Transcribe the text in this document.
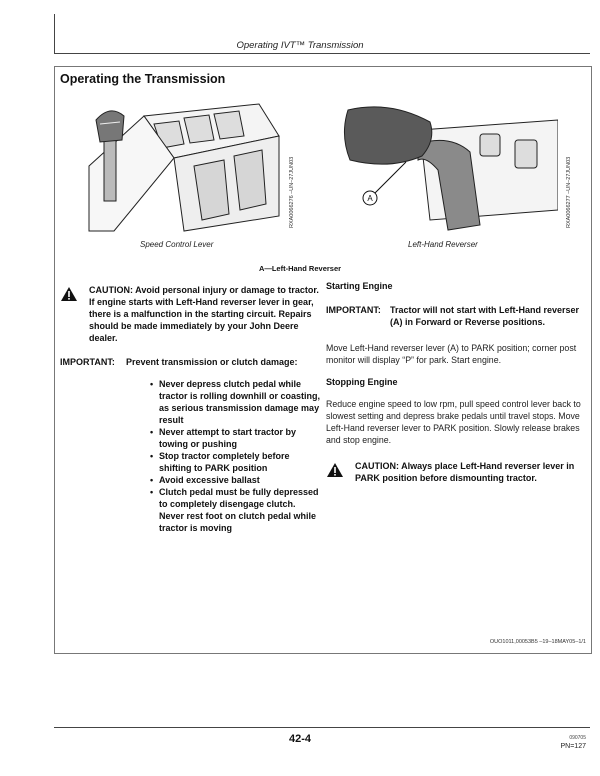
Operating IVT™ Transmission
Operating the Transmission
Speed Control Lever
RXA0066276 –UN–27JUN03	A
Left-Hand Reverser
RXA0066277 –UN–27JUN03
A—Left-Hand Reverser
CAUTION: Avoid personal injury or damage to tractor. If engine starts with Left-Hand reverser lever in gear, there is a malfunction in the starting circuit. Repairs should be made immediately by your John Deere dealer.
IMPORTANT:	Prevent transmission or clutch damage:
• Never depress clutch pedal while tractor is rolling downhill or coasting, as serious transmission damage may result
• Never attempt to start tractor by towing or pushing
• Stop tractor completely before shifting to PARK position
• Avoid excessive ballast
• Clutch pedal must be fully depressed to completely disengage clutch. Never rest foot on clutch pedal while tractor is moving
Starting Engine
IMPORTANT:	Tractor will not start with Left-Hand reverser (A) in Forward or Reverse positions.
Move Left-Hand reverser lever (A) to PARK position; corner post monitor will display “P” for park. Start engine.
Stopping Engine
Reduce engine speed to low rpm, pull speed control lever back to slowest setting and depress brake pedals until travel stops. Move Left-Hand reverser lever to PARK position. Slowly release brakes and stop engine.
CAUTION: Always place Left-Hand reverser lever in PARK position before dismounting tractor.
OUO1011,00053B5 –19–18MAY05–1/1
42-4	090705
PN=127
